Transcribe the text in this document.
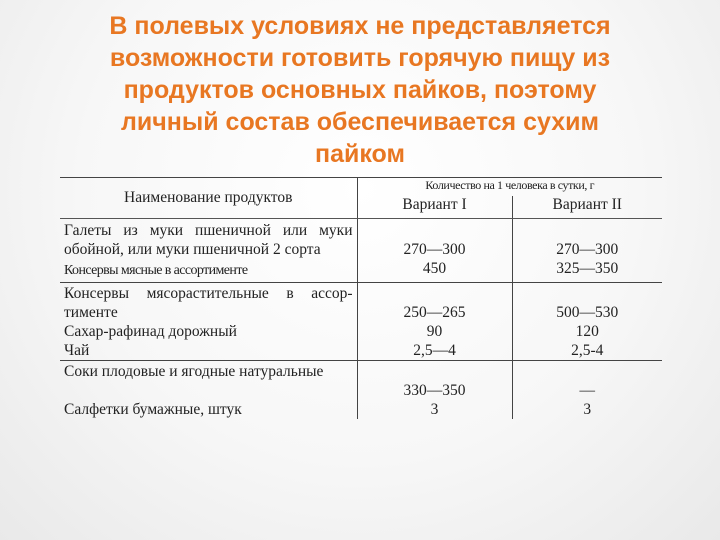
В полевых условиях не представляется
возможности готовить горячую пищу из
продуктов основных пайков, поэтому
личный состав обеспечивается сухим
пайком
Наименование продуктов	Количество на 1 человека в сутки, г	
	Вариант I	Вариант II
Галеты из муки пшеничной или муки обойной, или муки пшеничной 2 сорта	270—300	270—300
Консервы мясные в ассортименте	450	325—350
Консервы мясорастительные в ассор-тименте	250—265	500—530
Сахар-рафинад дорожный	90	120
Чай	2,5—4	2,5-4
Соки плодовые и ягодные натуральные	330—350	—
Салфетки бумажные, штук	3	3
